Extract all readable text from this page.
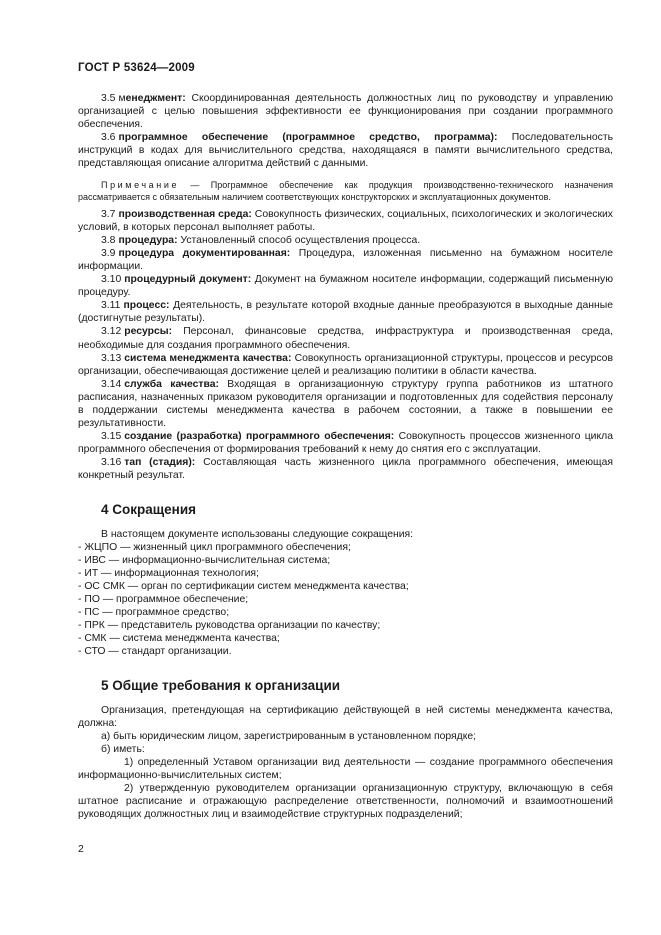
ГОСТ Р 53624—2009

3.5 менеджмент: Скоординированная деятельность должностных лиц по руководству и управлению организацией с целью повышения эффективности ее функционирования при создании программного обеспечения.

3.6 программное обеспечение (программное средство, программа): Последовательность инструкций в кодах для вычислительного средства, находящаяся в памяти вычислительного средства, представляющая описание алгоритма действий с данными.

Примечание — Программное обеспечение как продукция производственно-технического назначения рассматривается с обязательным наличием соответствующих конструкторских и эксплуатационных документов.

3.7 производственная среда: Совокупность физических, социальных, психологических и экологических условий, в которых персонал выполняет работы.

3.8 процедура: Установленный способ осуществления процесса.

3.9 процедура документированная: Процедура, изложенная письменно на бумажном носителе информации.

3.10 процедурный документ: Документ на бумажном носителе информации, содержащий письменную процедуру.

3.11 процесс: Деятельность, в результате которой входные данные преобразуются в выходные данные (достигнутые результаты).

3.12 ресурсы: Персонал, финансовые средства, инфраструктура и производственная среда, необходимые для создания программного обеспечения.

3.13 система менеджмента качества: Совокупность организационной структуры, процессов и ресурсов организации, обеспечивающая достижение целей и реализацию политики в области качества.

3.14 служба качества: Входящая в организационную структуру группа работников из штатного расписания, назначенных приказом руководителя организации и подготовленных для содействия персоналу в поддержании системы менеджмента качества в рабочем состоянии, а также в повышении ее результативности.

3.15 создание (разработка) программного обеспечения: Совокупность процессов жизненного цикла программного обеспечения от формирования требований к нему до снятия его с эксплуатации.

3.16 тап (стадия): Составляющая часть жизненного цикла программного обеспечения, имеющая конкретный результат.

4 Сокращения

В настоящем документе использованы следующие сокращения:

- ЖЦПО — жизненный цикл программного обеспечения;

- ИВС — информационно-вычислительная система;

- ИТ — информационная технология;

- ОС СМК — орган по сертификации систем менеджмента качества;

- ПО — программное обеспечение;

- ПС — программное средство;

- ПРК — представитель руководства организации по качеству;

- СМК — система менеджмента качества;

- СТО — стандарт организации.

5 Общие требования к организации

Организация, претендующая на сертификацию действующей в ней системы менеджмента качества, должна:

а) быть юридическим лицом, зарегистрированным в установленном порядке;

б) иметь:

1) определенный Уставом организации вид деятельности — создание программного обеспечения информационно-вычислительных систем;

2) утвержденную руководителем организации организационную структуру, включающую в себя штатное расписание и отражающую распределение ответственности, полномочий и взаимоотношений руководящих должностных лиц и взаимодействие структурных подразделений;

2
